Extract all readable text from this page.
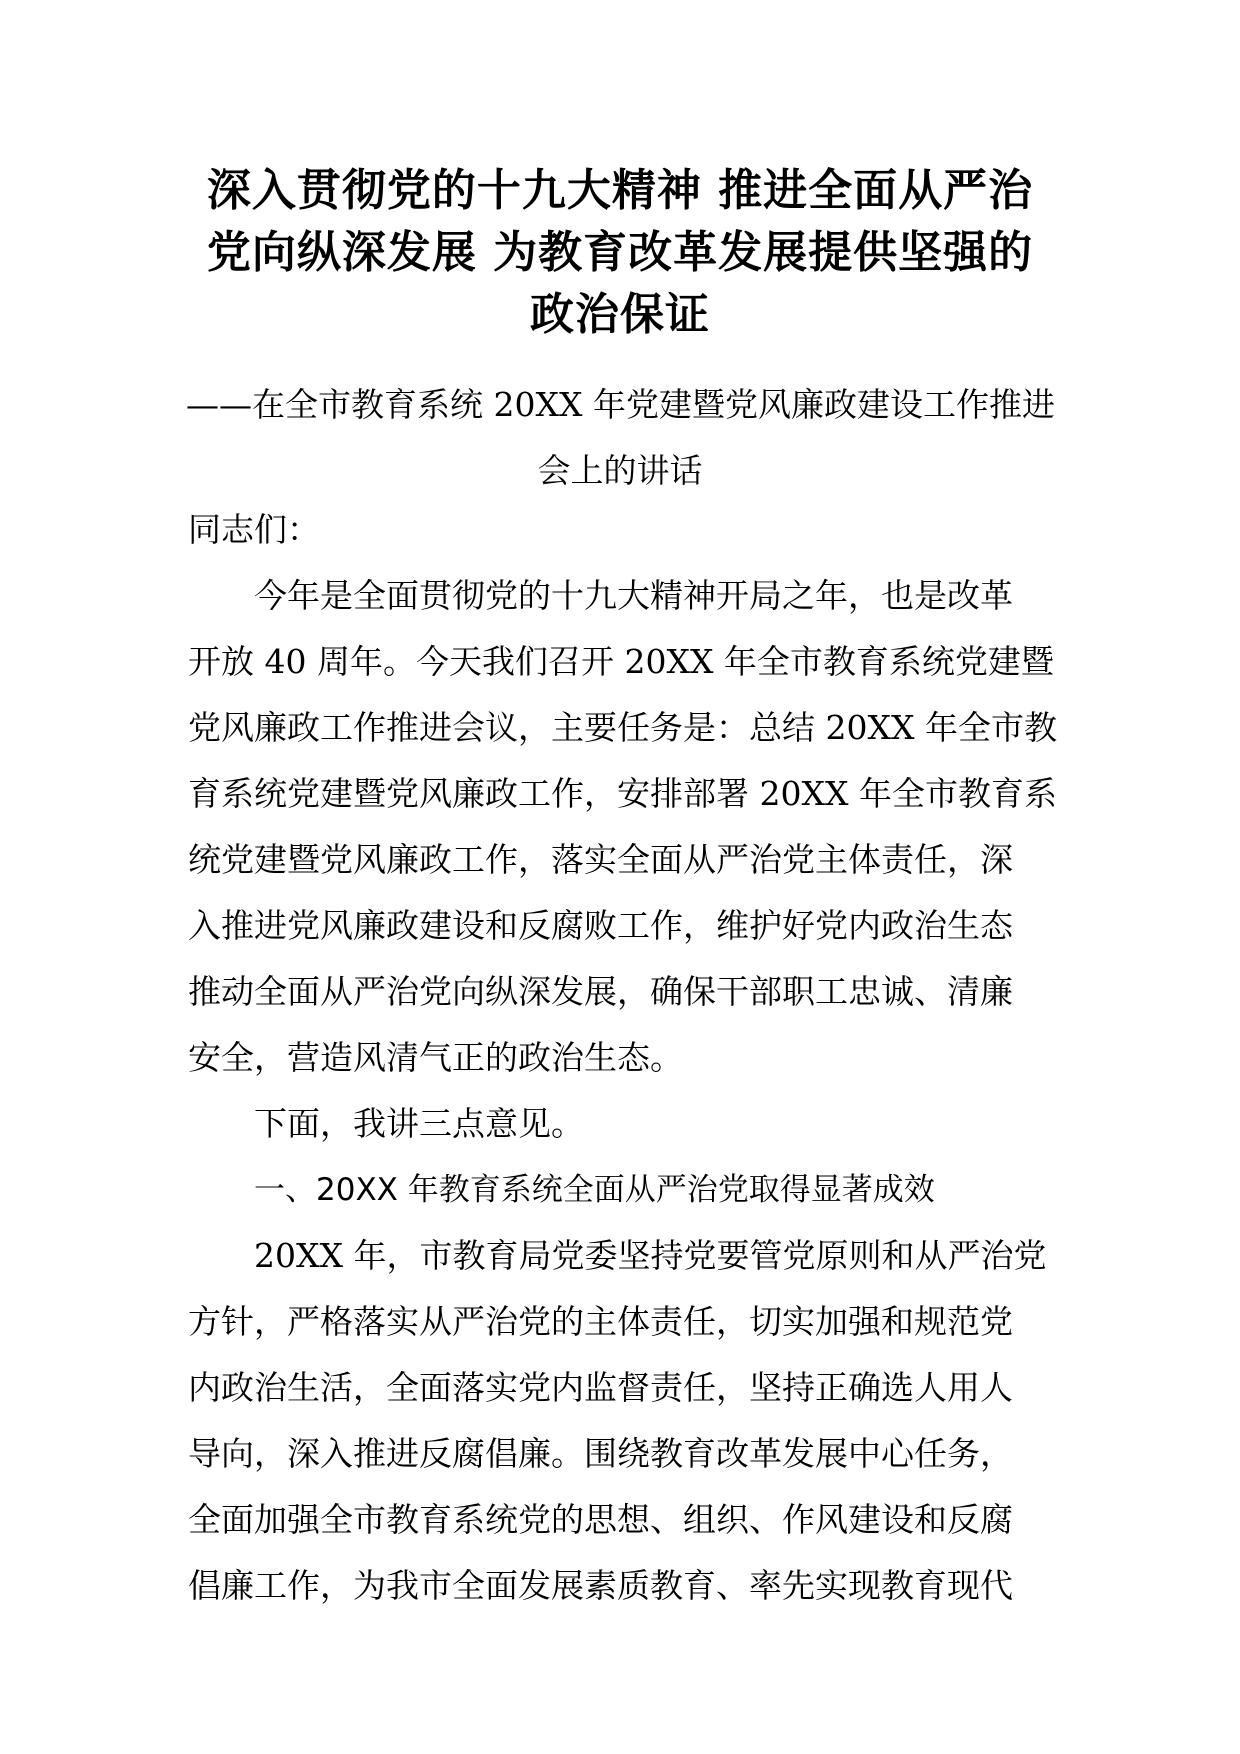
深入贯彻党的十九大精神 推进全面从严治
党向纵深发展 为教育改革发展提供坚强的
政治保证
——在全市教育系统 20XX 年党建暨党风廉政建设工作推进
会上的讲话
同志们：
今年是全面贯彻党的十九大精神开局之年，也是改革
开放 40 周年。今天我们召开 20XX 年全市教育系统党建暨
党风廉政工作推进会议，主要任务是：总结 20XX 年全市教
育系统党建暨党风廉政工作，安排部署 20XX 年全市教育系
统党建暨党风廉政工作，落实全面从严治党主体责任，深
入推进党风廉政建设和反腐败工作，维护好党内政治生态
推动全面从严治党向纵深发展，确保干部职工忠诚、清廉
安全，营造风清气正的政治生态。
下面，我讲三点意见。
一、20XX 年教育系统全面从严治党取得显著成效
20XX 年，市教育局党委坚持党要管党原则和从严治党
方针，严格落实从严治党的主体责任，切实加强和规范党
内政治生活，全面落实党内监督责任，坚持正确选人用人
导向，深入推进反腐倡廉。围绕教育改革发展中心任务，
全面加强全市教育系统党的思想、组织、作风建设和反腐
倡廉工作，为我市全面发展素质教育、率先实现教育现代
